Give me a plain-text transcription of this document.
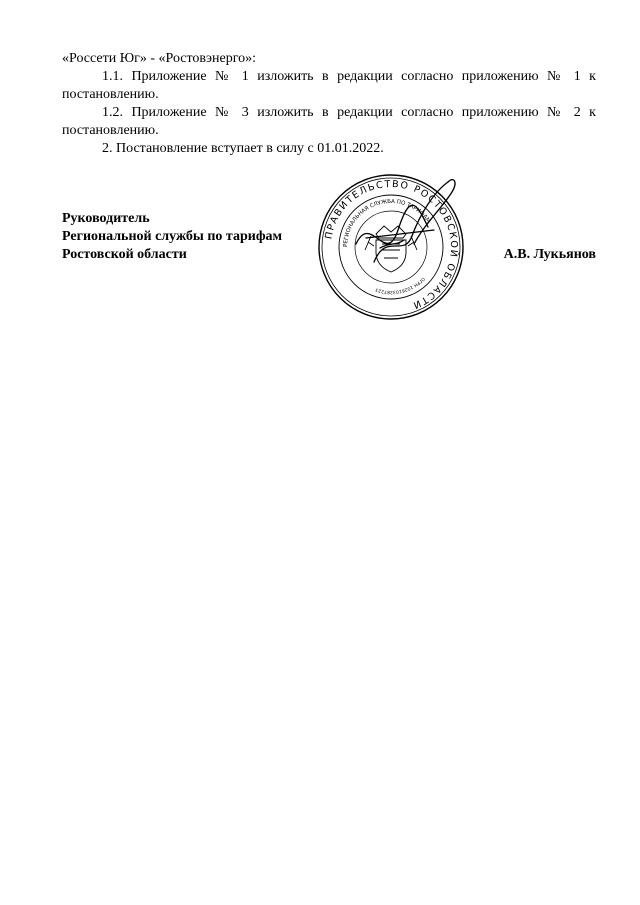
«Россети Юг» - «Ростовэнерго»:
1.1. Приложение № 1 изложить в редакции согласно приложению № 1 к
постановлению.
1.2. Приложение № 3 изложить в редакции согласно приложению № 2 к
постановлению.
2. Постановление вступает в силу с 01.01.2022.
Руководитель
Региональной службы по тарифам
Ростовской области	А.В. Лукьянов
ПРАВИТЕЛЬСТВО РОСТОВСКОЙ ОБЛАСТИ
РЕГИОНАЛЬНАЯ СЛУЖБА ПО ТАРИФАМ
ОГРН 1026103287223
